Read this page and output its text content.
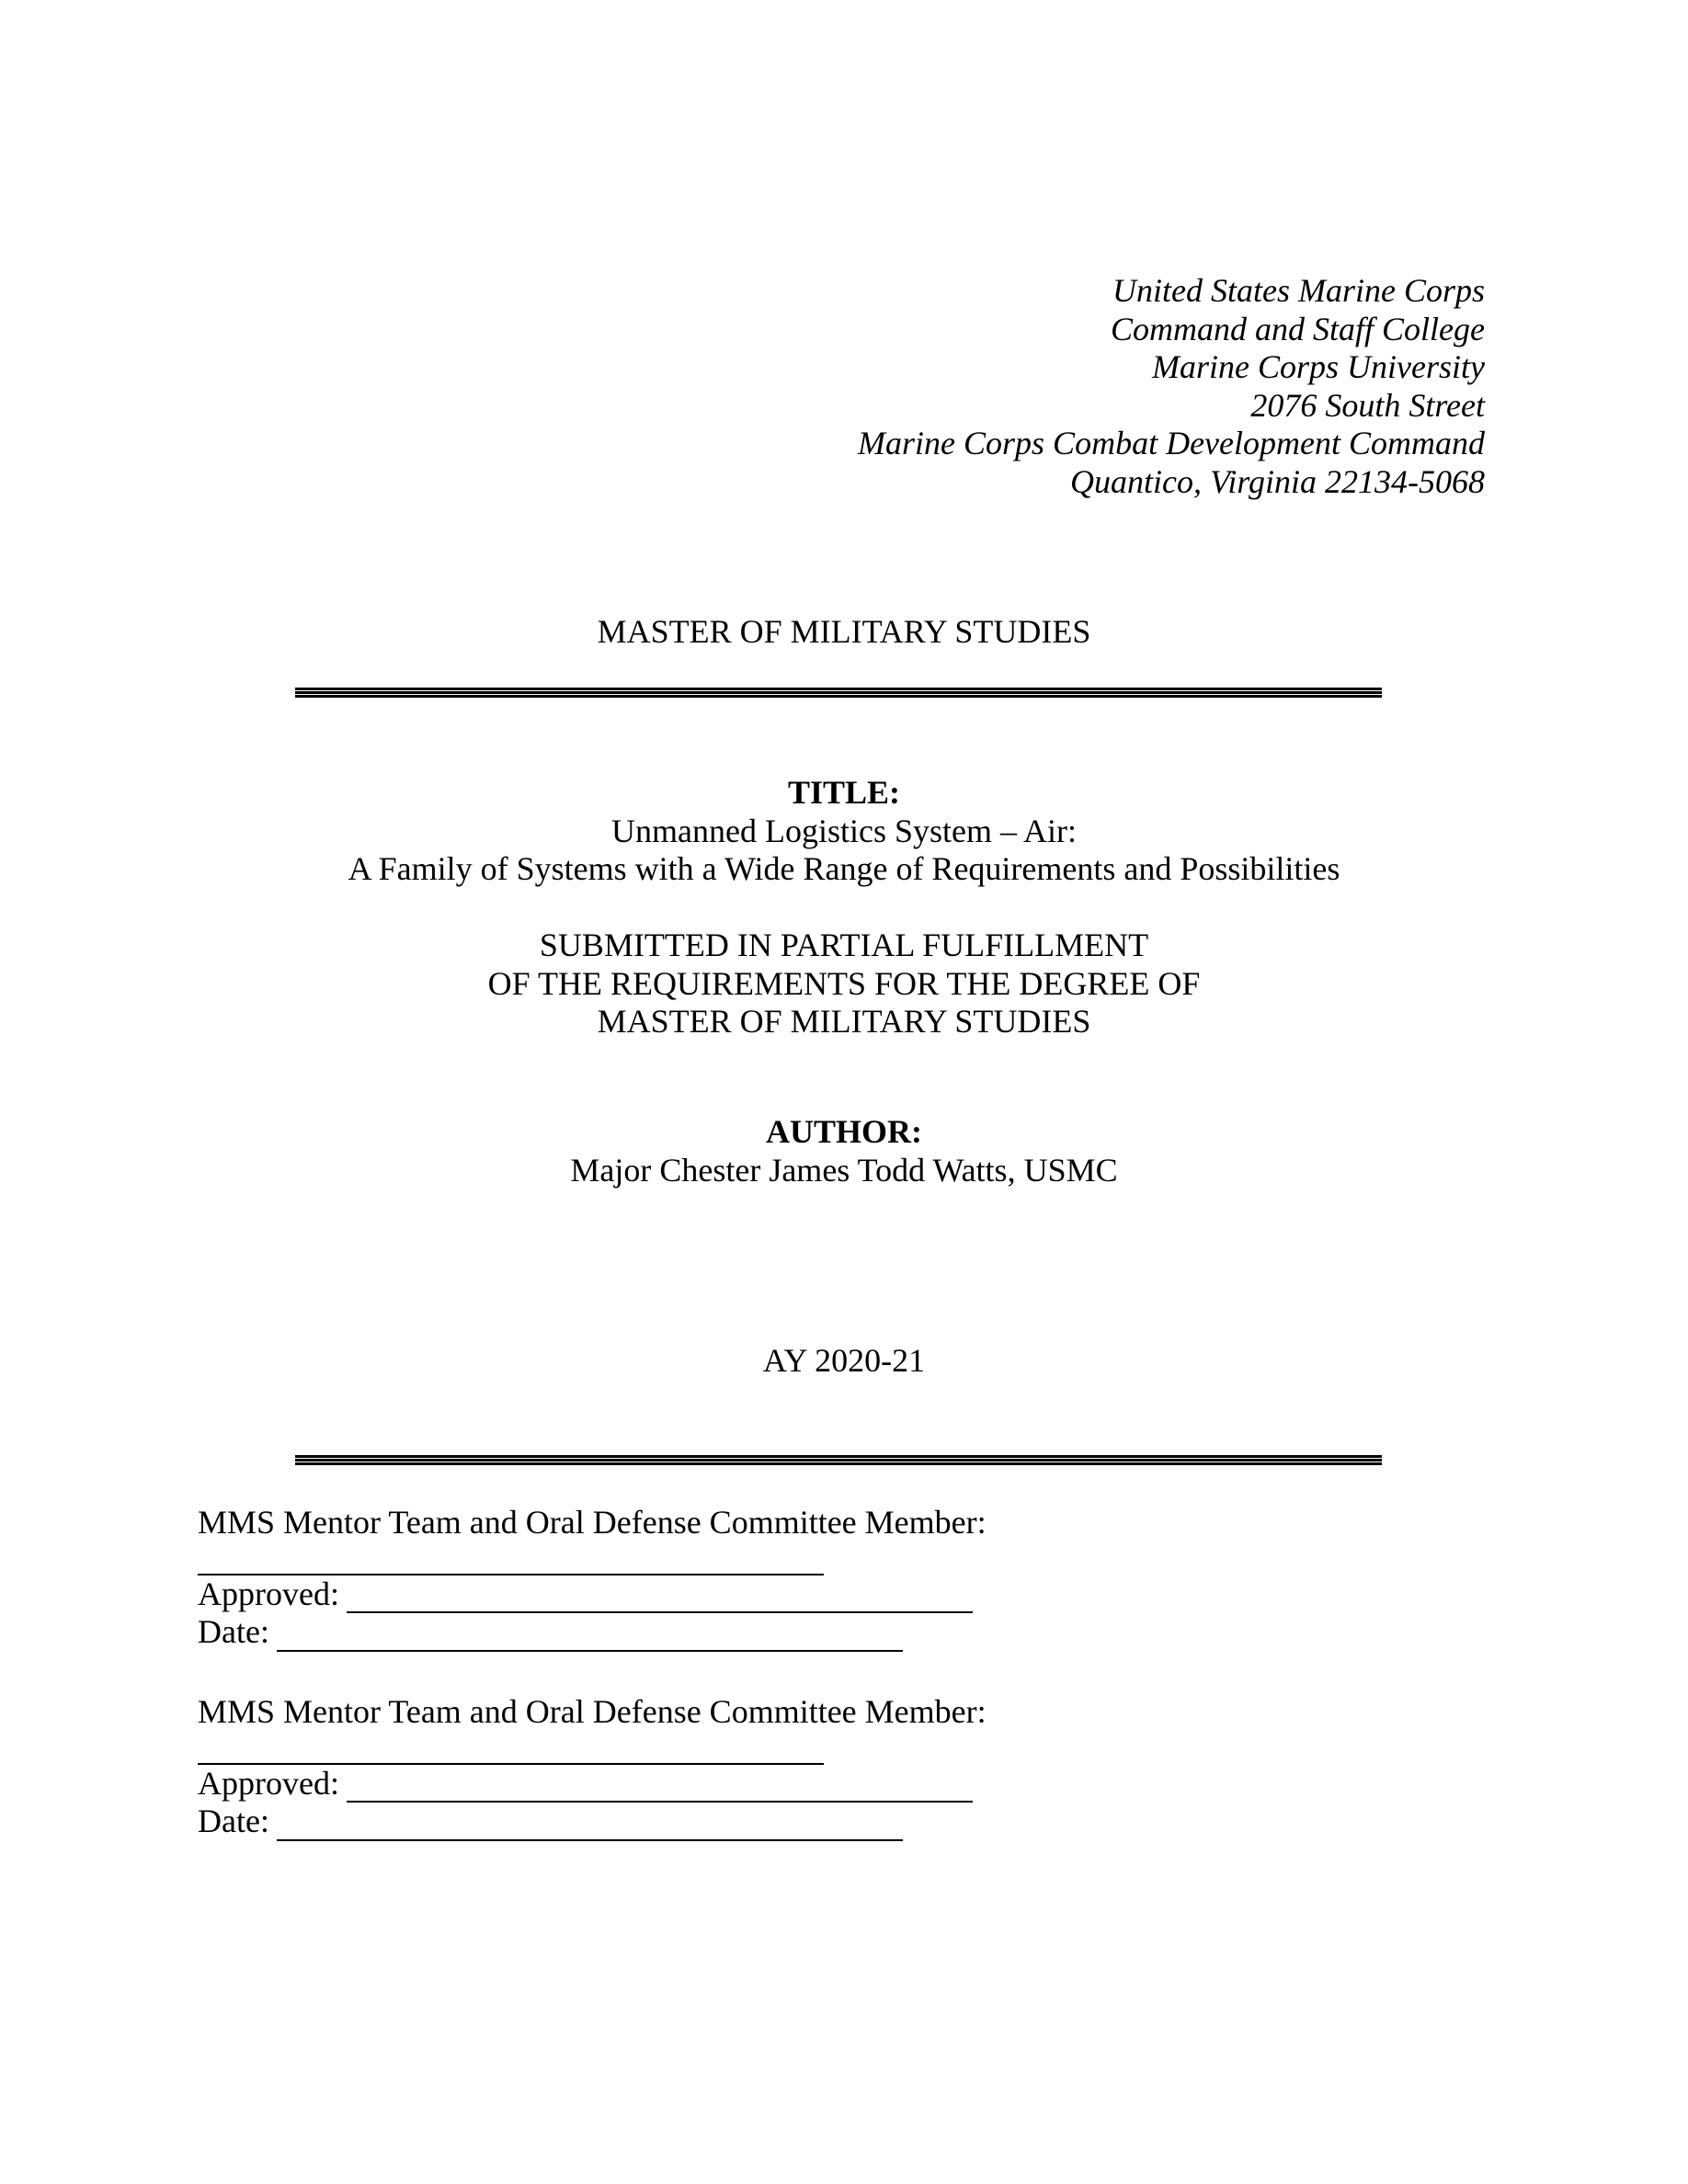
United States Marine Corps
Command and Staff College
Marine Corps University
2076 South Street
Marine Corps Combat Development Command
Quantico, Virginia 22134-5068
MASTER OF MILITARY STUDIES
TITLE:
Unmanned Logistics System – Air:
A Family of Systems with a Wide Range of Requirements and Possibilities
SUBMITTED IN PARTIAL FULFILLMENT
OF THE REQUIREMENTS FOR THE DEGREE OF
MASTER OF MILITARY STUDIES
AUTHOR:
Major Chester James Todd Watts, USMC
AY 2020-21
MMS Mentor Team and Oral Defense Committee Member:
Approved:
Date:
MMS Mentor Team and Oral Defense Committee Member:
Approved:
Date:
